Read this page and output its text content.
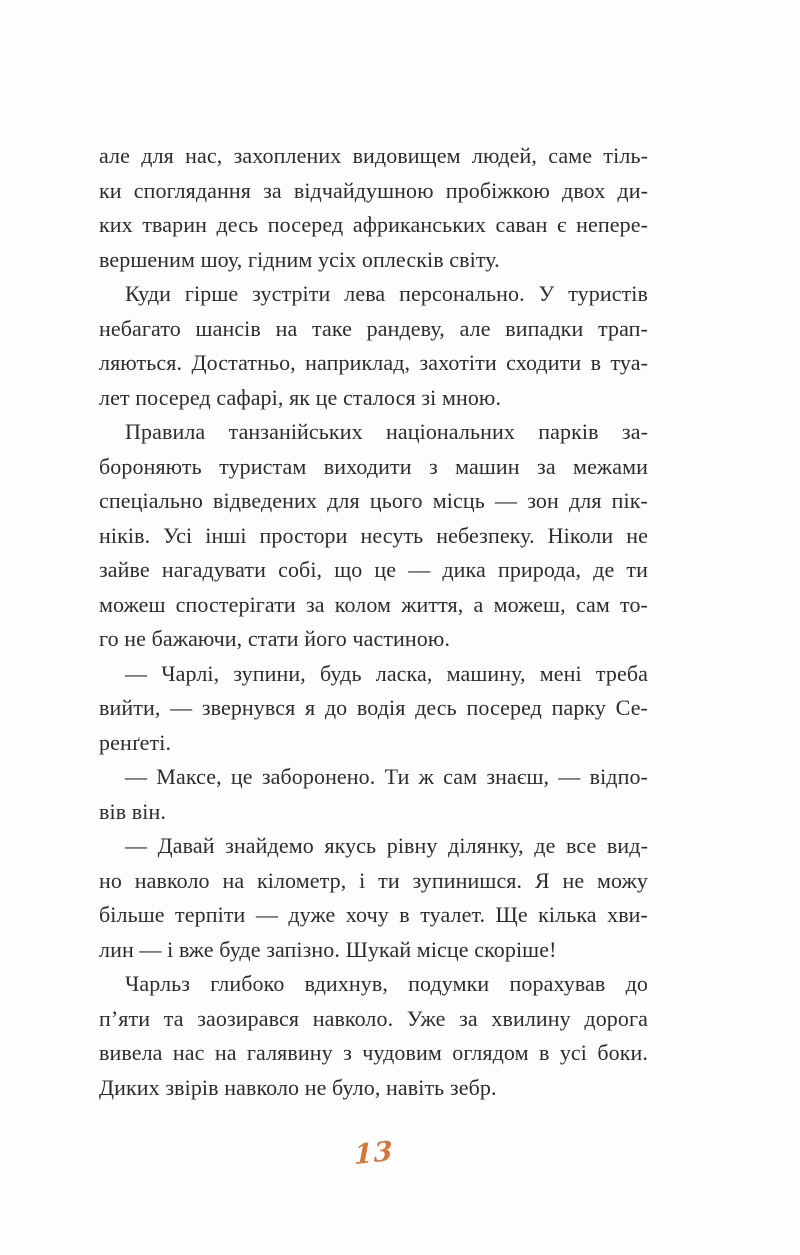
але для нас, захоплених видовищем людей, саме тіль-
ки споглядання за відчайдушною пробіжкою двох ди-
ких тварин десь посеред африканських саван є непере-
вершеним шоу, гідним усіх оплесків світу.

Куди гірше зустріти лева персонально. У туристів
небагато шансів на таке рандеву, але випадки трап-
ляються. Достатньо, наприклад, захотіти сходити в туа-
лет посеред сафарі, як це сталося зі мною.

Правила танзанійських національних парків за-
бороняють туристам виходити з машин за межами
спеціально відведених для цього місць — зон для пік-
ніків. Усі інші простори несуть небезпеку. Ніколи не
зайве нагадувати собі, що це — дика природа, де ти
можеш спостерігати за колом життя, а можеш, сам то-
го не бажаючи, стати його частиною.

— Чарлі, зупини, будь ласка, машину, мені треба
вийти, — звернувся я до водія десь посеред парку Се-
ренґеті.

— Максе, це заборонено. Ти ж сам знаєш, — відпо-
вів він.

— Давай знайдемо якусь рівну ділянку, де все вид-
но навколо на кілометр, і ти зупинишся. Я не можу
більше терпіти — дуже хочу в туалет. Ще кілька хви-
лин — і вже буде запізно. Шукай місце скоріше!

Чарльз глибоко вдихнув, подумки порахував до
п’яти та заозирався навколо. Уже за хвилину дорога
вивела нас на галявину з чудовим оглядом в усі боки.
Диких звірів навколо не було, навіть зебр.

13
